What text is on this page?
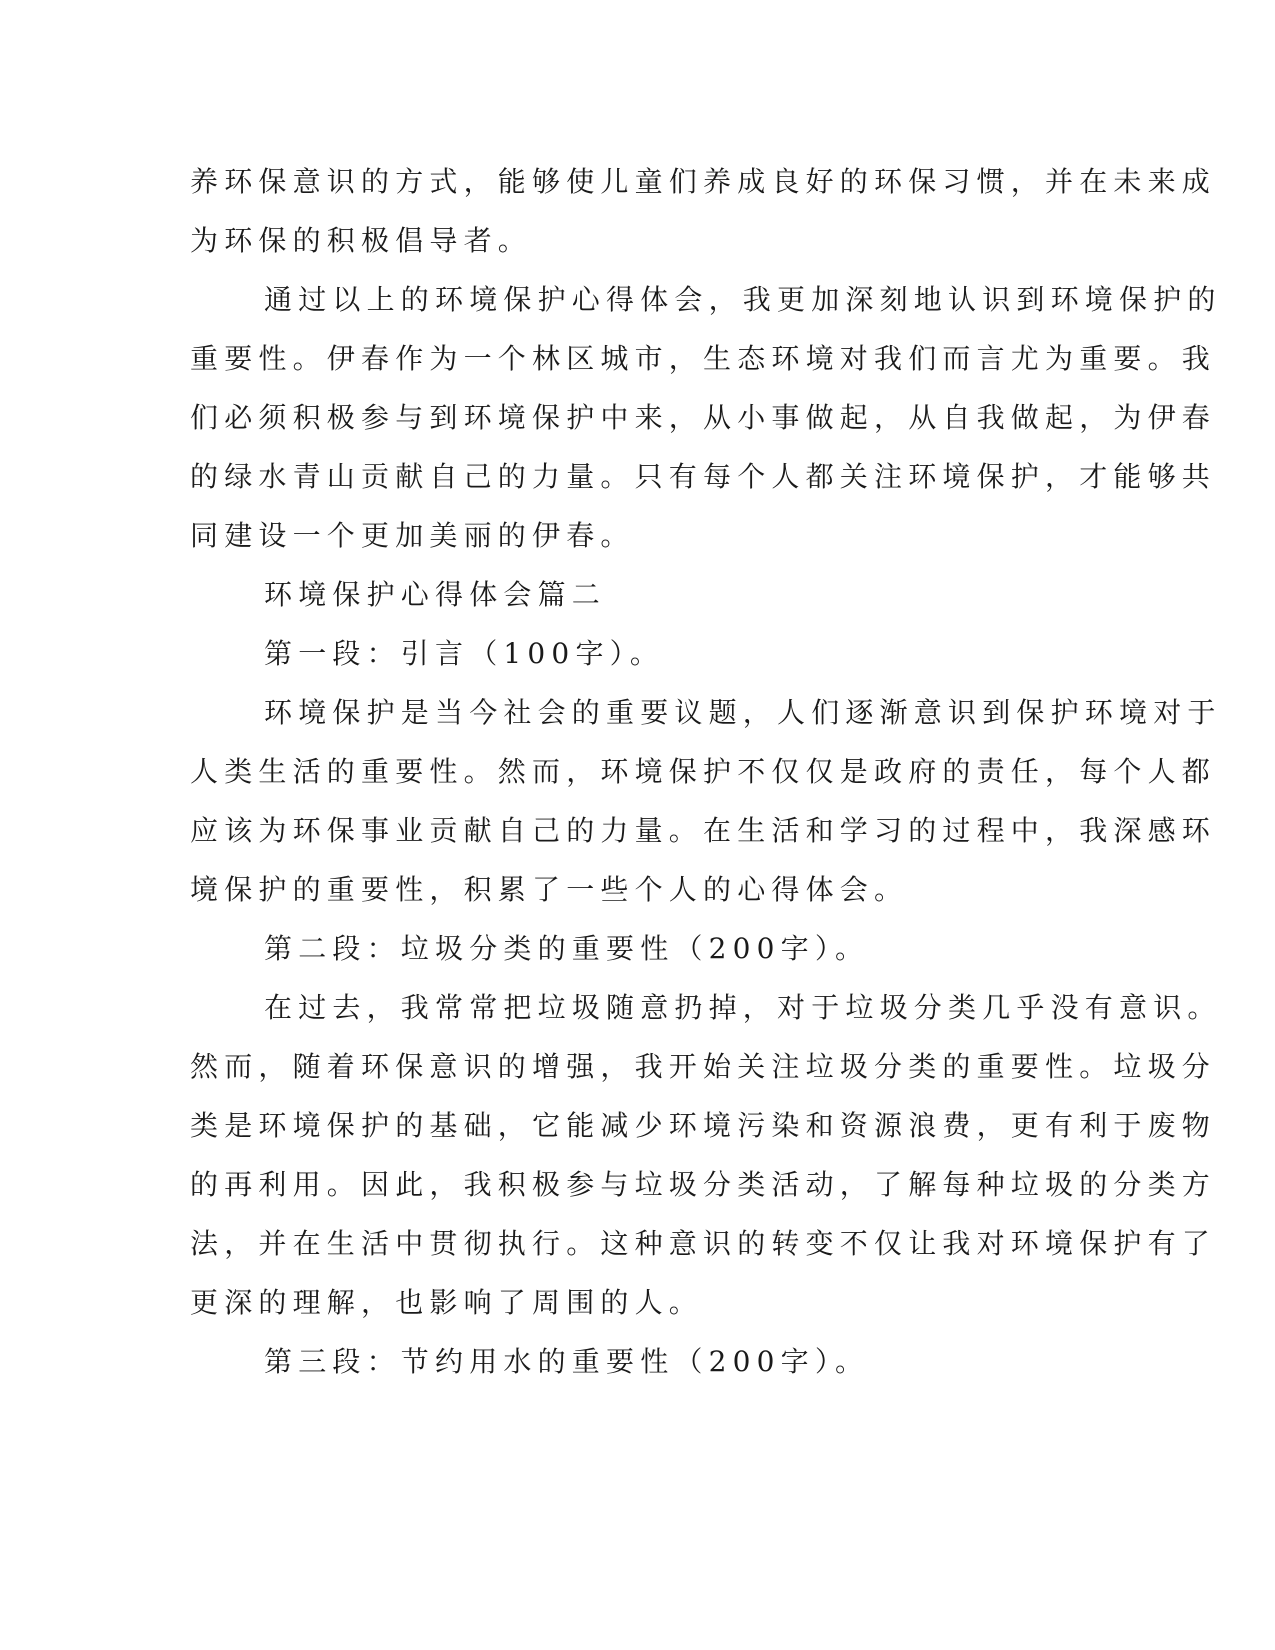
养环保意识的方式，能够使儿童们养成良好的环保习惯，并在未来成
为环保的积极倡导者。
通过以上的环境保护心得体会，我更加深刻地认识到环境保护的
重要性。伊春作为一个林区城市，生态环境对我们而言尤为重要。我
们必须积极参与到环境保护中来，从小事做起，从自我做起，为伊春
的绿水青山贡献自己的力量。只有每个人都关注环境保护，才能够共
同建设一个更加美丽的伊春。
环境保护心得体会篇二
第一段：引言（100字）。
环境保护是当今社会的重要议题，人们逐渐意识到保护环境对于
人类生活的重要性。然而，环境保护不仅仅是政府的责任，每个人都
应该为环保事业贡献自己的力量。在生活和学习的过程中，我深感环
境保护的重要性，积累了一些个人的心得体会。
第二段：垃圾分类的重要性（200字）。
在过去，我常常把垃圾随意扔掉，对于垃圾分类几乎没有意识。
然而，随着环保意识的增强，我开始关注垃圾分类的重要性。垃圾分
类是环境保护的基础，它能减少环境污染和资源浪费，更有利于废物
的再利用。因此，我积极参与垃圾分类活动，了解每种垃圾的分类方
法，并在生活中贯彻执行。这种意识的转变不仅让我对环境保护有了
更深的理解，也影响了周围的人。
第三段：节约用水的重要性（200字）。
